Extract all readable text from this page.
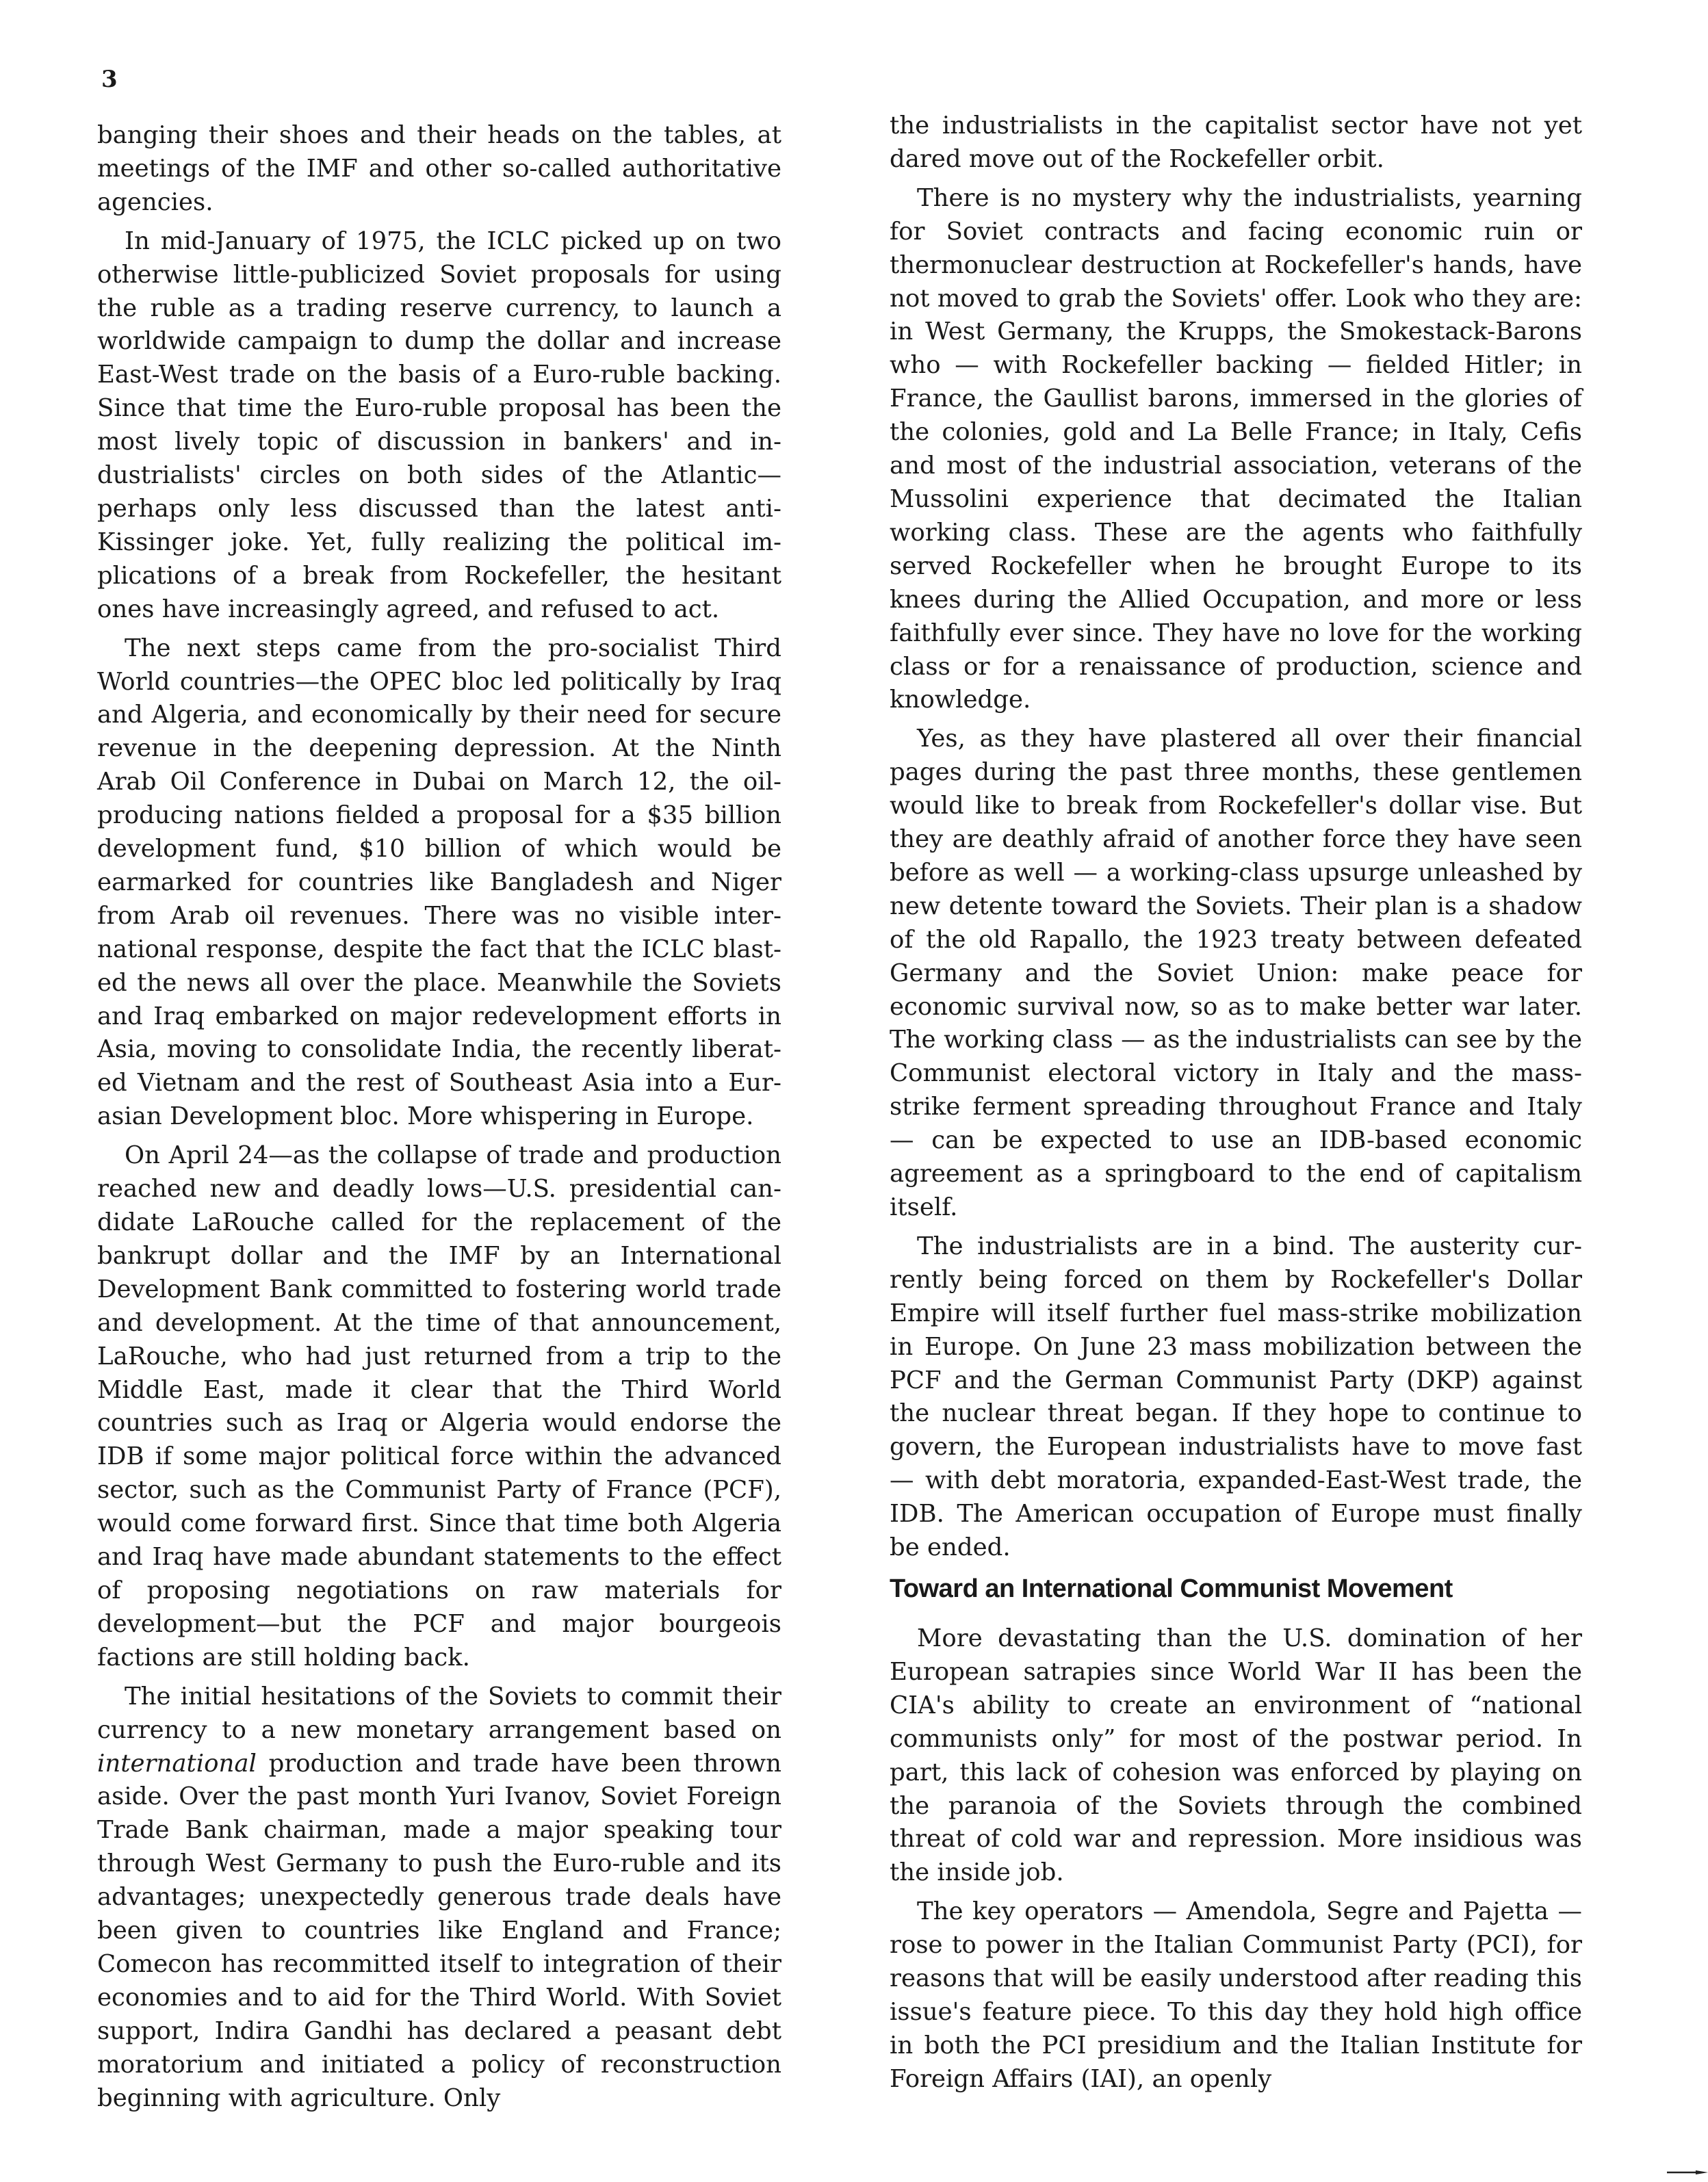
3

banging their shoes and their heads on the tables, at meetings of the IMF and other so-called authoritative agencies.

In mid-January of 1975, the ICLC picked up on two otherwise little-publicized Soviet proposals for using the ruble as a trading reserve currency, to launch a worldwide campaign to dump the dollar and increase East-West trade on the basis of a Euro-ruble backing. Since that time the Euro-ruble proposal has been the most lively topic of discussion in bankers' and industrialists' circles on both sides of the Atlantic—perhaps only less discussed than the latest anti-Kissinger joke. Yet, fully realizing the political implications of a break from Rockefeller, the hesitant ones have increasingly agreed, and refused to act.

The next steps came from the pro-socialist Third World countries—the OPEC bloc led politically by Iraq and Algeria, and economically by their need for secure revenue in the deepening depression. At the Ninth Arab Oil Conference in Dubai on March 12, the oil-producing nations fielded a proposal for a $35 billion development fund, $10 billion of which would be earmarked for countries like Bangladesh and Niger from Arab oil revenues. There was no visible international response, despite the fact that the ICLC blasted the news all over the place. Meanwhile the Soviets and Iraq embarked on major redevelopment efforts in Asia, moving to consolidate India, the recently liberated Vietnam and the rest of Southeast Asia into a Eurasian Development bloc. More whispering in Europe.

On April 24—as the collapse of trade and production reached new and deadly lows—U.S. presidential candidate LaRouche called for the replacement of the bankrupt dollar and the IMF by an International Development Bank committed to fostering world trade and development. At the time of that announcement, LaRouche, who had just returned from a trip to the Middle East, made it clear that the Third World countries such as Iraq or Algeria would endorse the IDB if some major political force within the advanced sector, such as the Communist Party of France (PCF), would come forward first. Since that time both Algeria and Iraq have made abundant statements to the effect of proposing negotiations on raw materials for development—but the PCF and major bourgeois factions are still holding back.

The initial hesitations of the Soviets to commit their currency to a new monetary arrangement based on international production and trade have been thrown aside. Over the past month Yuri Ivanov, Soviet Foreign Trade Bank chairman, made a major speaking tour through West Germany to push the Euro-ruble and its advantages; unexpectedly generous trade deals have been given to countries like England and France; Comecon has recommitted itself to integration of their economies and to aid for the Third World. With Soviet support, Indira Gandhi has declared a peasant debt moratorium and initiated a policy of reconstruction beginning with agriculture. Only

the industrialists in the capitalist sector have not yet dared move out of the Rockefeller orbit.

There is no mystery why the industrialists, yearning for Soviet contracts and facing economic ruin or thermonuclear destruction at Rockefeller's hands, have not moved to grab the Soviets' offer. Look who they are: in West Germany, the Krupps, the Smokestack-Barons who — with Rockefeller backing — fielded Hitler; in France, the Gaullist barons, immersed in the glories of the colonies, gold and La Belle France; in Italy, Cefis and most of the industrial association, veterans of the Mussolini experience that decimated the Italian working class. These are the agents who faithfully served Rockefeller when he brought Europe to its knees during the Allied Occupation, and more or less faithfully ever since. They have no love for the working class or for a renaissance of production, science and knowledge.

Yes, as they have plastered all over their financial pages during the past three months, these gentlemen would like to break from Rockefeller's dollar vise. But they are deathly afraid of another force they have seen before as well — a working-class upsurge unleashed by new detente toward the Soviets. Their plan is a shadow of the old Rapallo, the 1923 treaty between defeated Germany and the Soviet Union: make peace for economic survival now, so as to make better war later. The working class — as the industrialists can see by the Communist electoral victory in Italy and the mass-strike ferment spreading throughout France and Italy — can be expected to use an IDB-based economic agreement as a springboard to the end of capitalism itself.

The industrialists are in a bind. The austerity currently being forced on them by Rockefeller's Dollar Empire will itself further fuel mass-strike mobilization in Europe. On June 23 mass mobilization between the PCF and the German Communist Party (DKP) against the nuclear threat began. If they hope to continue to govern, the European industrialists have to move fast — with debt moratoria, expanded-East-West trade, the IDB. The American occupation of Europe must finally be ended.

Toward an International Communist Movement

More devastating than the U.S. domination of her European satrapies since World War II has been the CIA's ability to create an environment of “national communists only” for most of the postwar period. In part, this lack of cohesion was enforced by playing on the paranoia of the Soviets through the combined threat of cold war and repression. More insidious was the inside job.

The key operators — Amendola, Segre and Pajetta — rose to power in the Italian Communist Party (PCI), for reasons that will be easily understood after reading this issue's feature piece. To this day they hold high office in both the PCI presidium and the Italian Institute for Foreign Affairs (IAI), an openly
